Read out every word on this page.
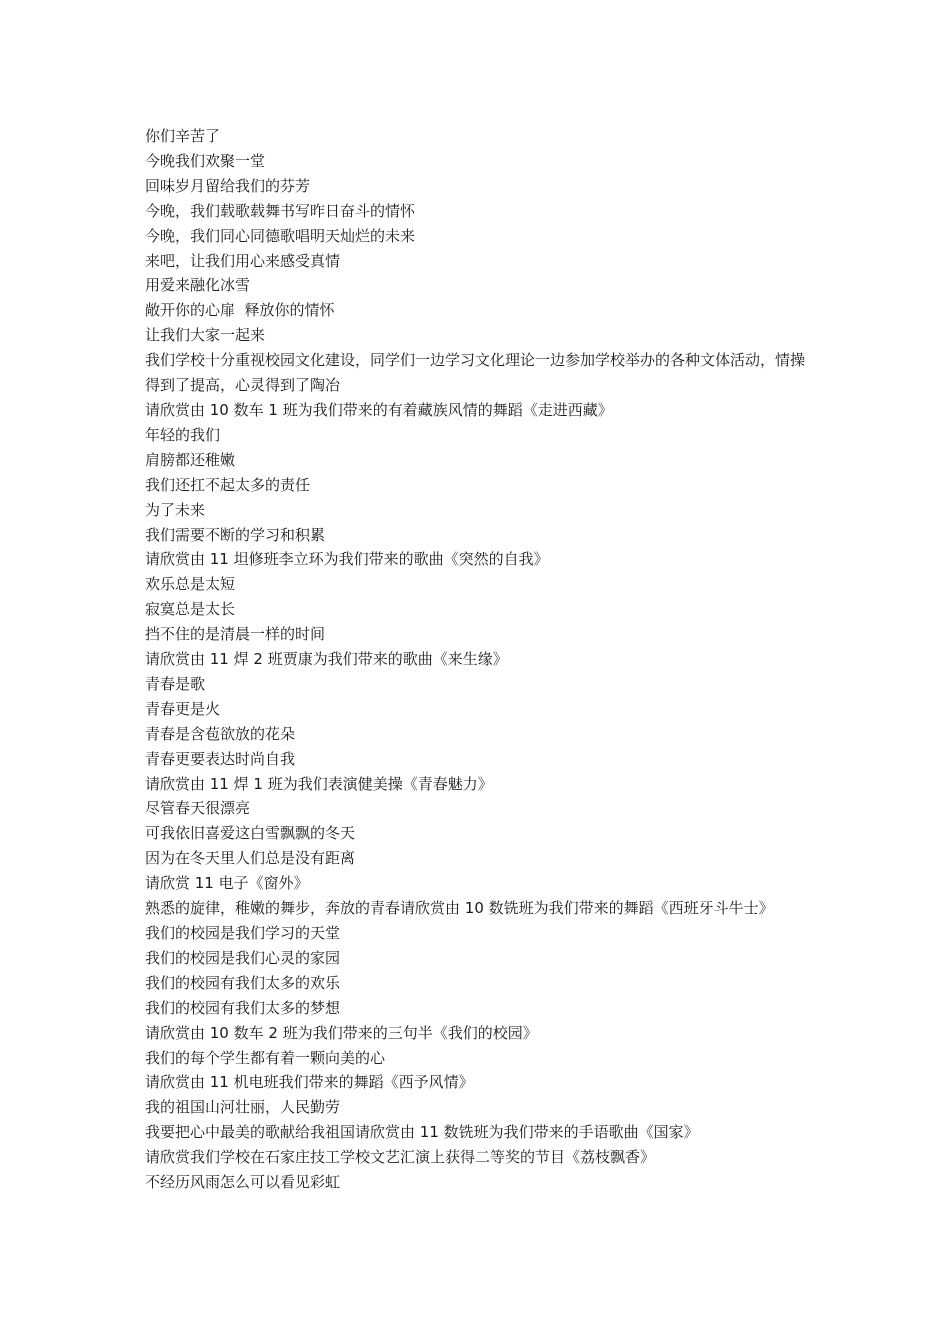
你们辛苦了

今晚我们欢聚一堂

回味岁月留给我们的芬芳

今晚，我们载歌载舞书写昨日奋斗的情怀

今晚，我们同心同德歌唱明天灿烂的未来

来吧，让我们用心来感受真情

用爱来融化冰雪

敞开你的心扉  释放你的情怀

让我们大家一起来

我们学校十分重视校园文化建设，同学们一边学习文化理论一边参加学校举办的各种文体活动，情操得到了提高，心灵得到了陶冶

请欣赏由 10 数车 1 班为我们带来的有着藏族风情的舞蹈《走进西藏》

年轻的我们

肩膀都还稚嫩

我们还扛不起太多的责任

为了未来

我们需要不断的学习和积累

请欣赏由 11 坦修班李立环为我们带来的歌曲《突然的自我》

欢乐总是太短

寂寞总是太长

挡不住的是清晨一样的时间

请欣赏由 11 焊 2 班贾康为我们带来的歌曲《来生缘》

青春是歌

青春更是火

青春是含苞欲放的花朵

青春更要表达时尚自我

请欣赏由 11 焊 1 班为我们表演健美操《青春魅力》

尽管春天很漂亮

可我依旧喜爱这白雪飘飘的冬天

因为在冬天里人们总是没有距离

请欣赏 11 电子《窗外》

熟悉的旋律，稚嫩的舞步，奔放的青春请欣赏由 10 数铣班为我们带来的舞蹈《西班牙斗牛士》

我们的校园是我们学习的天堂

我们的校园是我们心灵的家园

我们的校园有我们太多的欢乐

我们的校园有我们太多的梦想

请欣赏由 10 数车 2 班为我们带来的三句半《我们的校园》

我们的每个学生都有着一颗向美的心

请欣赏由 11 机电班我们带来的舞蹈《西予风情》

我的祖国山河壮丽，人民勤劳

我要把心中最美的歌献给我祖国请欣赏由 11 数铣班为我们带来的手语歌曲《国家》

请欣赏我们学校在石家庄技工学校文艺汇演上获得二等奖的节目《荔枝飘香》

不经历风雨怎么可以看见彩虹
